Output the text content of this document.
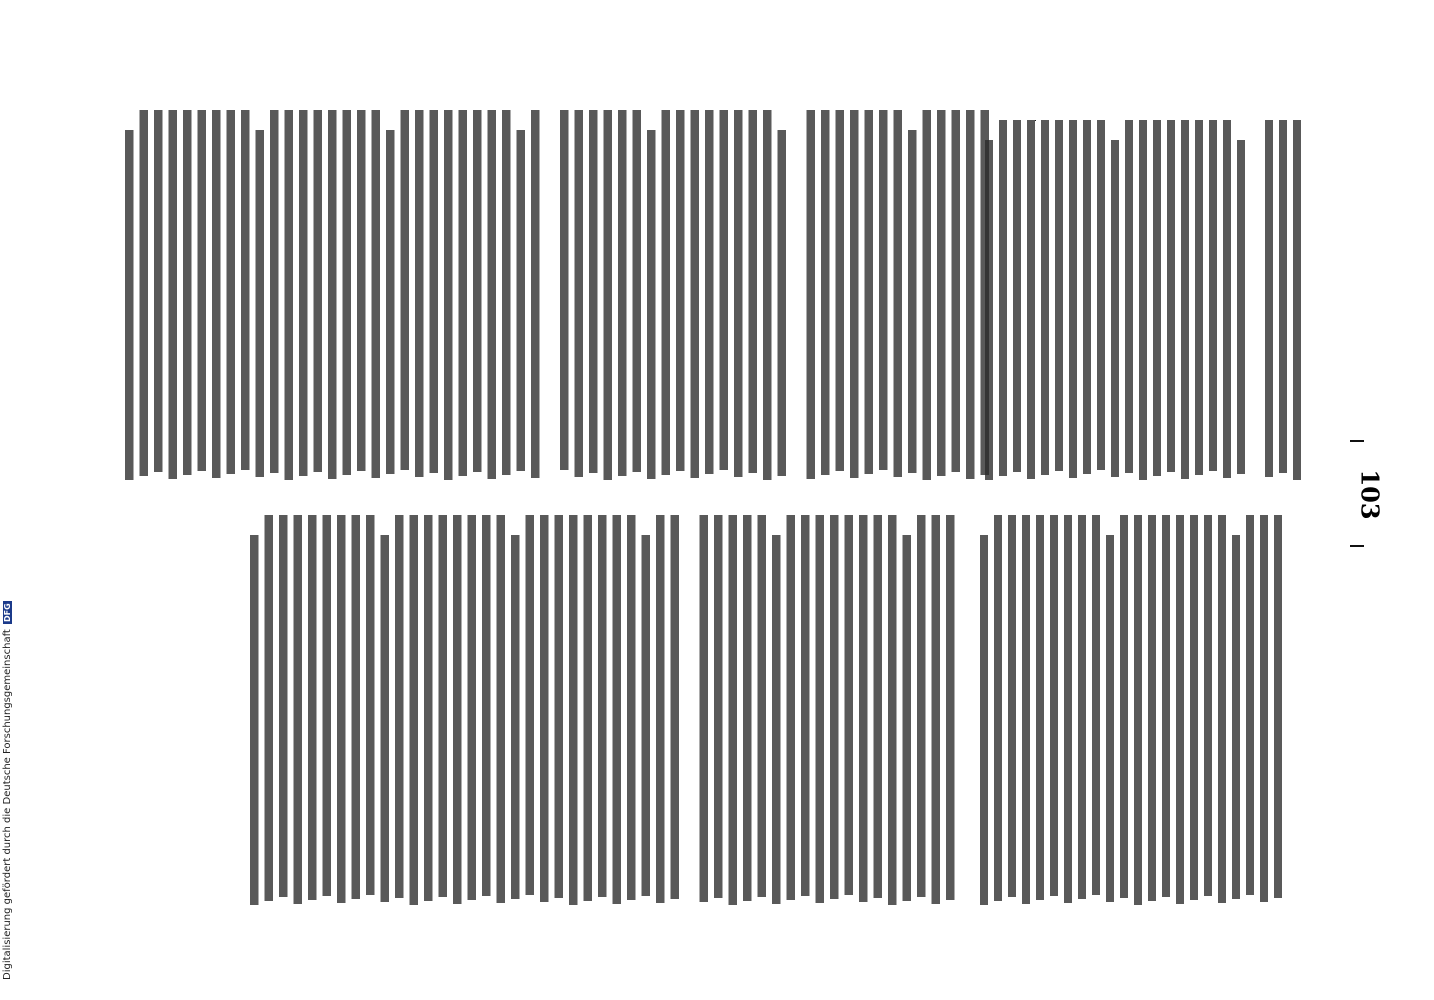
103
Digitalisierung gefördert durch die Deutsche Forschungsgemeinschaft DFG
